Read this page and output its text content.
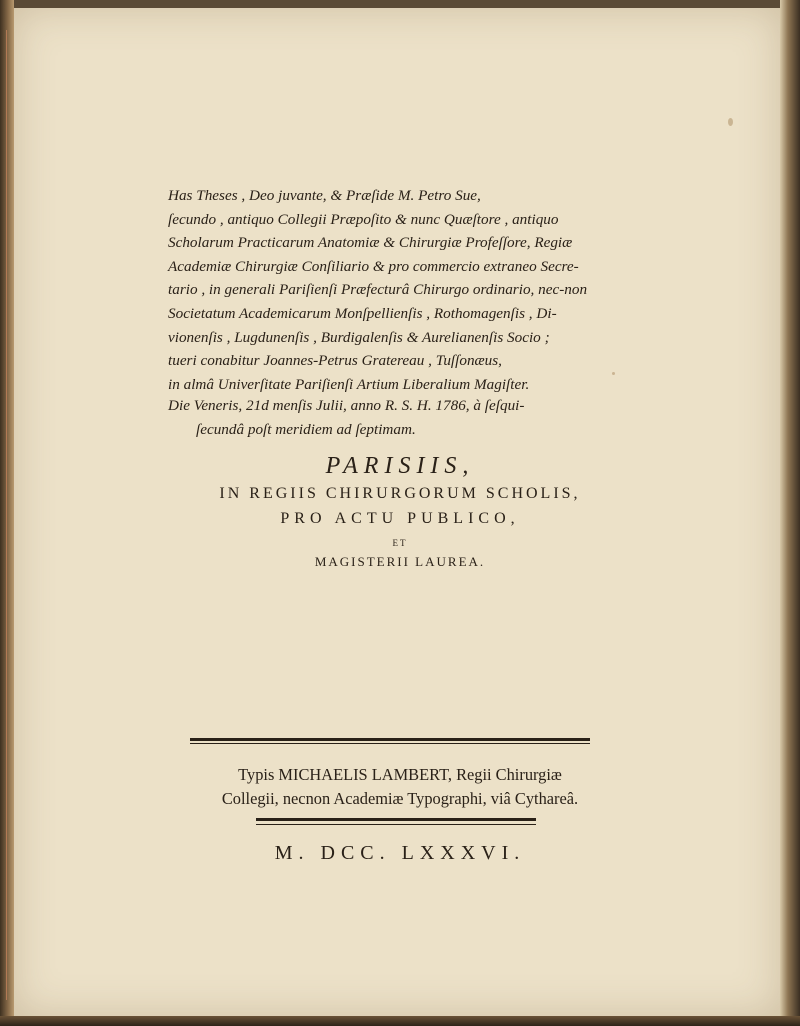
Has Theses , Deo juvante, & Præſide M. Petro Sue,
ſecundo , antiquo Collegii Præpoſito & nunc Quæſtore , antiquo
Scholarum Practicarum Anatomiæ & Chirurgiæ Profeſſore, Regiæ
Academiæ Chirurgiæ Conſiliario & pro commercio extraneo Secre-
tario , in generali Pariſienſi Præfecturâ Chirurgo ordinario, nec-non
Societatum Academicarum Monſpellienſis , Rothomagenſis , Di-
vionenſis , Lugdunenſis , Burdigalenſis & Aurelianenſis Socio ;
tueri conabitur Joannes-Petrus Gratereau , Tuſſonæus,
in almâ Univerſitate Pariſienſi Artium Liberalium Magiſter.
Die Veneris, 21d menſis Julii, anno R. S. H. 1786, à ſeſqui-
ſecundâ poſt meridiem ad ſeptimam.
PARISIIS,
IN REGIIS CHIRURGORUM SCHOLIS,
PRO ACTU PUBLICO,
ET
MAGISTERII LAUREA.
Typis MICHAELIS LAMBERT, Regii Chirurgiæ
Collegii, necnon Academiæ Typographi, viâ Cythareâ.
M. DCC. LXXXVI.
